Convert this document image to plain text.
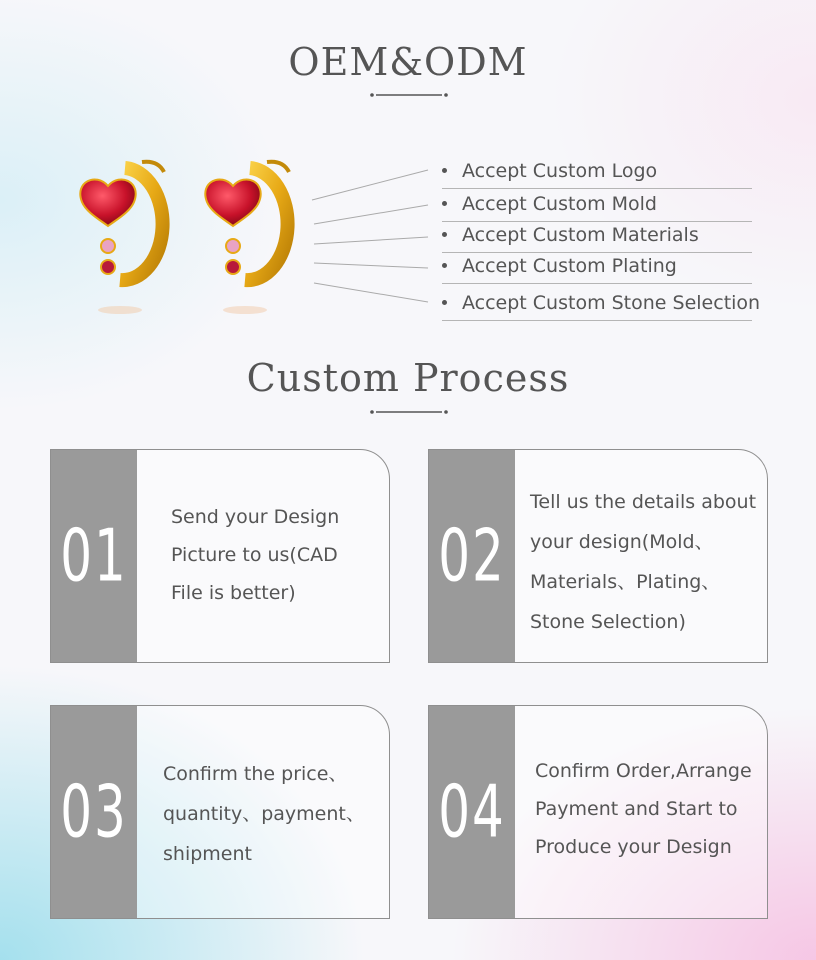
OEM&ODM
Accept Custom Logo
Accept Custom Mold
Accept Custom Materials
Accept Custom Plating
Accept Custom Stone Selection
Custom Process
01	Send your Design
Picture to us(CAD
File is better)	02
Tell us the details about
your design(Mold、
Materials、Plating、
Stone Selection)
03	Confirm the price、
quantity、payment、
shipment	04	Confirm Order,Arrange
Payment and Start to
Produce your Design
